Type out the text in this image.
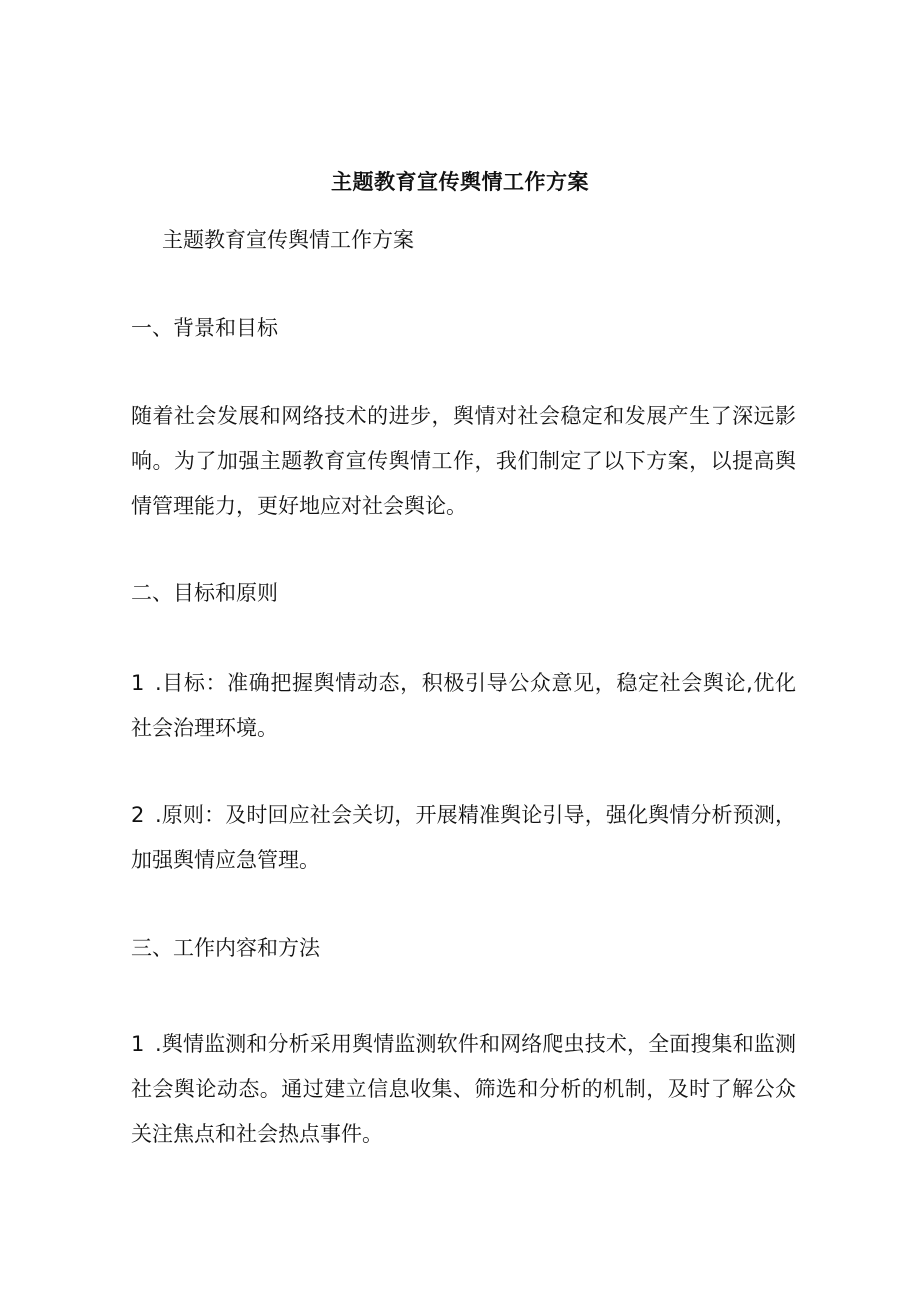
主题教育宣传舆情工作方案
主题教育宣传舆情工作方案
一、背景和目标
随着社会发展和网络技术的进步，舆情对社会稳定和发展产生了深远影响。为了加强主题教育宣传舆情工作，我们制定了以下方案，以提高舆情管理能力，更好地应对社会舆论。
二、目标和原则
1 .目标：准确把握舆情动态，积极引导公众意见，稳定社会舆论,优化社会治理环境。
2 .原则：及时回应社会关切，开展精准舆论引导，强化舆情分析预测，加强舆情应急管理。
三、工作内容和方法
1 .舆情监测和分析采用舆情监测软件和网络爬虫技术，全面搜集和监测社会舆论动态。通过建立信息收集、筛选和分析的机制，及时了解公众关注焦点和社会热点事件。
